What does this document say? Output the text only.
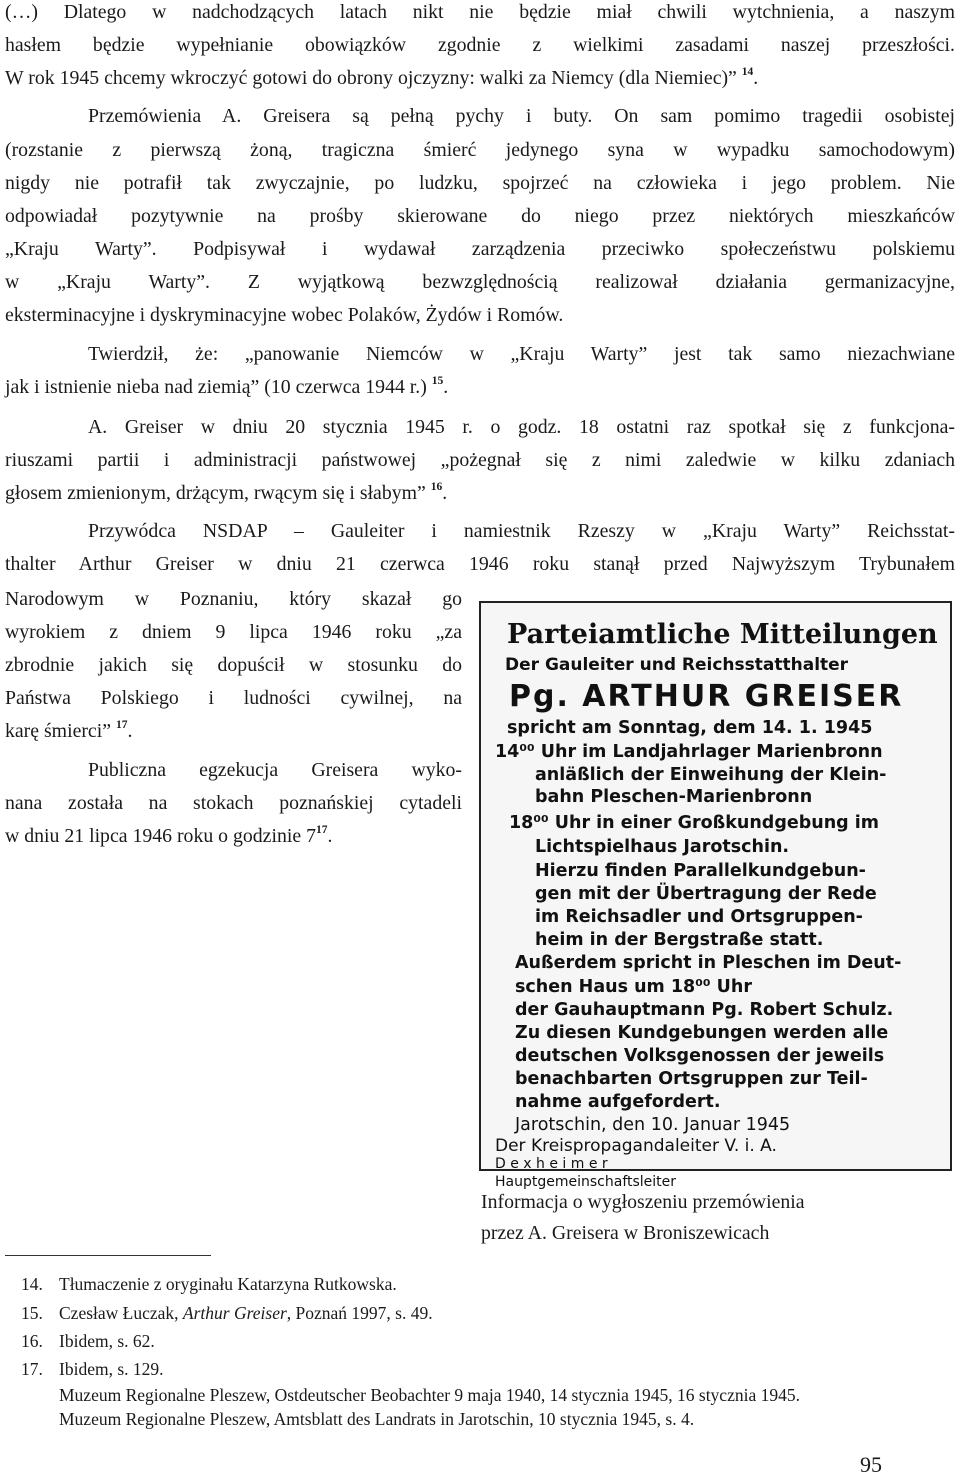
(…) Dlatego w nadchodzących latach nikt nie będzie miał chwili wytchnienia, a naszym
hasłem będzie wypełnianie obowiązków zgodnie z wielkimi zasadami naszej przeszłości.
W rok 1945 chcemy wkroczyć gotowi do obrony ojczyzny: walki za Niemcy (dla Niemiec)” $^{14}$.
Przemówienia A. Greisera są pełną pychy i buty. On sam pomimo tragedii osobistej
(rozstanie z pierwszą żoną, tragiczna śmierć jedynego syna w wypadku samochodowym)
nigdy nie potrafił tak zwyczajnie, po ludzku, spojrzeć na człowieka i jego problem. Nie
odpowiadał pozytywnie na prośby skierowane do niego przez niektórych mieszkańców
„Kraju Warty”. Podpisywał i wydawał zarządzenia przeciwko społeczeństwu polskiemu
w „Kraju Warty”. Z wyjątkową bezwzględnością realizował działania germanizacyjne,
eksterminacyjne i dyskryminacyjne wobec Polaków, Żydów i Romów.
Twierdził, że: „panowanie Niemców w „Kraju Warty” jest tak samo niezachwiane
jak i istnienie nieba nad ziemią” (10 czerwca 1944 r.) $^{15}$.
A. Greiser w dniu 20 stycznia 1945 r. o godz. 18 ostatni raz spotkał się z funkcjona-
riuszami partii i administracji państwowej „pożegnał się z nimi zaledwie w kilku zdaniach
głosem zmienionym, drżącym, rwącym się i słabym” $^{16}$.
Przywódca NSDAP – Gauleiter i namiestnik Rzeszy w „Kraju Warty” Reichsstat-
thalter Arthur Greiser w dniu 21 czerwca 1946 roku stanął przed Najwyższym Trybunałem
Narodowym w Poznaniu, który skazał go
wyrokiem z dniem 9 lipca 1946 roku „za
zbrodnie jakich się dopuścił w stosunku do
Państwa Polskiego i ludności cywilnej, na
karę śmierci” $^{17}$.
Publiczna egzekucja Greisera wyko-
nana została na stokach poznańskiej cytadeli
w dniu 21 lipca 1946 roku o godzinie $7^{17}$.
Parteiamtliche Mitteilungen
Der Gauleiter und Reichsstatthalter
Pg. ARTHUR GREISER
spricht am Sonntag, dem 14. 1. 1945
14⁰⁰ Uhr im Landjahrlager Marienbronn
anläßlich der Einweihung der Klein-
bahn Pleschen-Marienbronn
18⁰⁰ Uhr in einer Großkundgebung im
Lichtspielhaus Jarotschin.
Hierzu finden Parallelkundgebun-
gen mit der Übertragung der Rede
im Reichsadler und Ortsgruppen-
heim in der Bergstraße statt.
Außerdem spricht in Pleschen im Deut-
schen Haus um 18⁰⁰ Uhr
der Gauhauptmann Pg. Robert Schulz.
Zu diesen Kundgebungen werden alle
deutschen Volksgenossen der jeweils
benachbarten Ortsgruppen zur Teil-
nahme aufgefordert.
Jarotschin, den 10. Januar 1945
Der Kreispropagandaleiter V. i. A.
D e x h e i m e r
Hauptgemeinschaftsleiter
Informacja o wygłoszeniu przemówienia
przez A. Greisera w Broniszewicach
14. Tłumaczenie z oryginału Katarzyna Rutkowska.
15. Czesław Łuczak, Arthur Greiser, Poznań 1997, s. 49.
16. Ibidem, s. 62.
17. Ibidem, s. 129.
Muzeum Regionalne Pleszew, Ostdeutscher Beobachter 9 maja 1940, 14 stycznia 1945, 16 stycznia 1945.
Muzeum Regionalne Pleszew, Amtsblatt des Landrats in Jarotschin, 10 stycznia 1945, s. 4.
95
